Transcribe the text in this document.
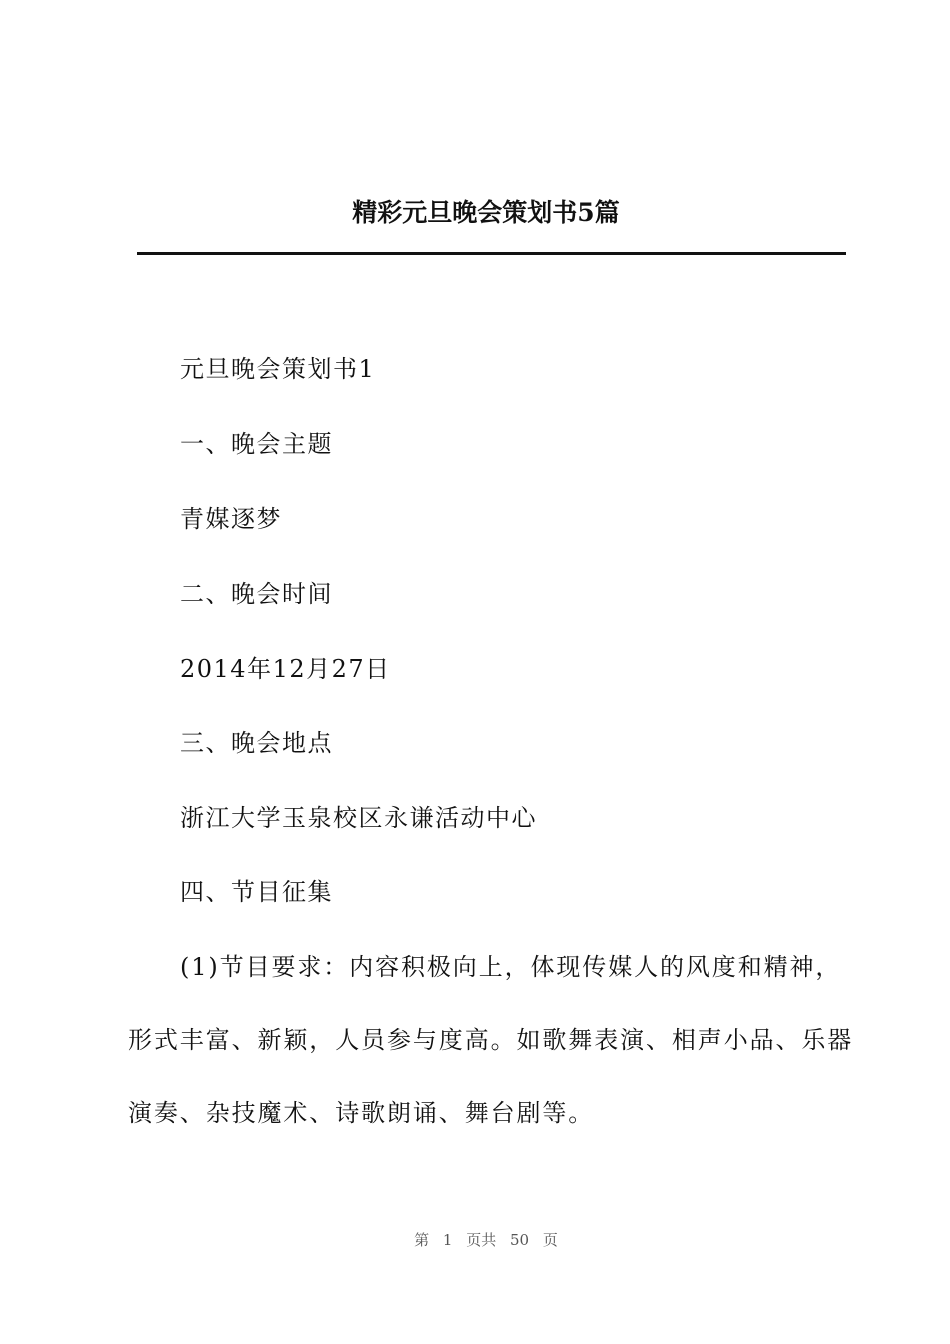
精彩元旦晚会策划书5篇
元旦晚会策划书1
一、晚会主题
青媒逐梦
二、晚会时间
2014年12月27日
三、晚会地点
浙江大学玉泉校区永谦活动中心
四、节目征集
(1)节目要求：内容积极向上，体现传媒人的风度和精神，
形式丰富、新颖，人员参与度高。如歌舞表演、相声小品、乐器
演奏、杂技魔术、诗歌朗诵、舞台剧等。
第 1 页共 50 页
